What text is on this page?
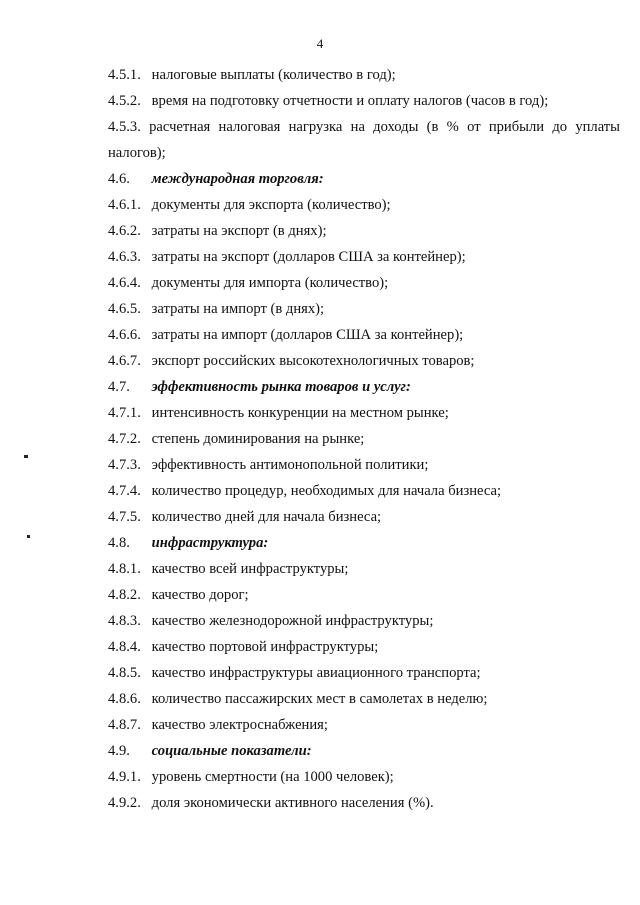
4
4.5.1. налоговые выплаты (количество в год);
4.5.2. время на подготовку отчетности и оплату налогов (часов в год);
4.5.3. расчетная налоговая нагрузка на доходы (в % от прибыли до уплаты
налогов);
4.6. международная торговля:
4.6.1. документы для экспорта (количество);
4.6.2. затраты на экспорт (в днях);
4.6.3. затраты на экспорт (долларов США за контейнер);
4.6.4. документы для импорта (количество);
4.6.5. затраты на импорт (в днях);
4.6.6. затраты на импорт (долларов США за контейнер);
4.6.7. экспорт российских высокотехнологичных товаров;
4.7. эффективность рынка товаров и услуг:
4.7.1. интенсивность конкуренции на местном рынке;
4.7.2. степень доминирования на рынке;
4.7.3. эффективность антимонопольной политики;
4.7.4. количество процедур, необходимых для начала бизнеса;
4.7.5. количество дней для начала бизнеса;
4.8. инфраструктура:
4.8.1. качество всей инфраструктуры;
4.8.2. качество дорог;
4.8.3. качество железнодорожной инфраструктуры;
4.8.4. качество портовой инфраструктуры;
4.8.5. качество инфраструктуры авиационного транспорта;
4.8.6. количество пассажирских мест в самолетах в неделю;
4.8.7. качество электроснабжения;
4.9. социальные показатели:
4.9.1. уровень смертности (на 1000 человек);
4.9.2. доля экономически активного населения (%).
